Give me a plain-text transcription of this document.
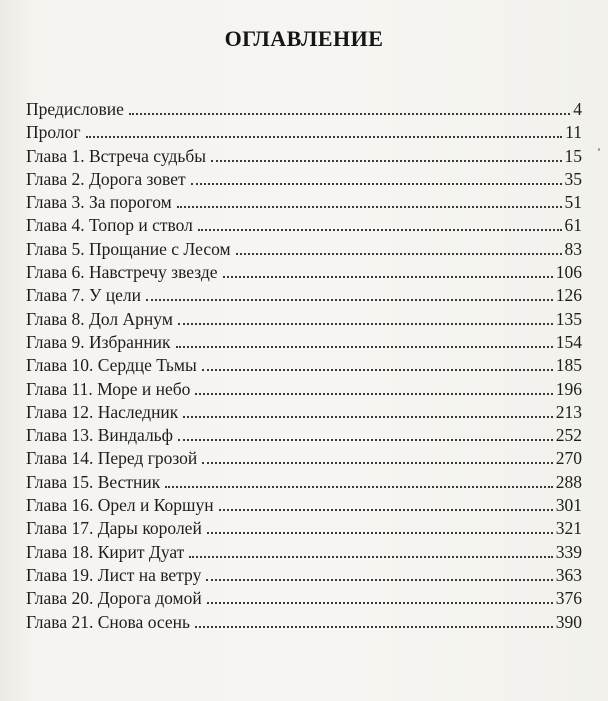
ОГЛАВЛЕНИЕ
Предисловие	4
Пролог	11
Глава 1. Встреча судьбы	15
Глава 2. Дорога зовет	35
Глава 3. За порогом	51
Глава 4. Топор и ствол	61
Глава 5. Прощание с Лесом	83
Глава 6. Навстречу звезде	106
Глава 7. У цели	126
Глава 8. Дол Арнум	135
Глава 9. Избранник	154
Глава 10. Сердце Тьмы	185
Глава 11. Море и небо	196
Глава 12. Наследник	213
Глава 13. Виндальф	252
Глава 14. Перед грозой	270
Глава 15. Вестник	288
Глава 16. Орел и Коршун	301
Глава 17. Дары королей	321
Глава 18. Кирит Дуат	339
Глава 19. Лист на ветру	363
Глава 20. Дорога домой	376
Глава 21. Снова осень	390
